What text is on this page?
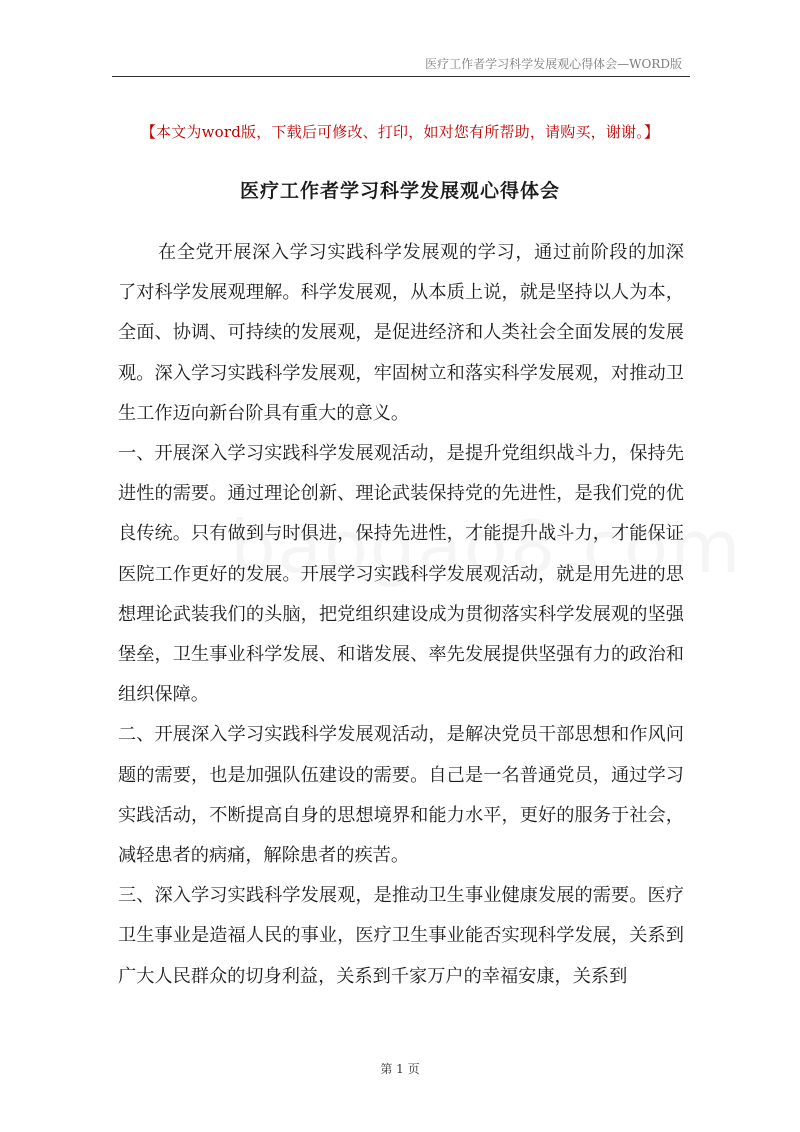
医疗工作者学习科学发展观心得体会—WORD版
【本文为word版，下载后可修改、打印，如对您有所帮助，请购买，谢谢。】
医疗工作者学习科学发展观心得体会

在全党开展深入学习实践科学发展观的学习，通过前阶段的加深了对科学发展观理解。科学发展观，从本质上说，就是坚持以人为本，全面、协调、可持续的发展观，是促进经济和人类社会全面发展的发展观。深入学习实践科学发展观，牢固树立和落实科学发展观，对推动卫生工作迈向新台阶具有重大的意义。

一、开展深入学习实践科学发展观活动，是提升党组织战斗力，保持先进性的需要。通过理论创新、理论武装保持党的先进性，是我们党的优良传统。只有做到与时俱进，保持先进性，才能提升战斗力，才能保证医院工作更好的发展。开展学习实践科学发展观活动，就是用先进的思想理论武装我们的头脑，把党组织建设成为贯彻落实科学发展观的坚强堡垒，卫生事业科学发展、和谐发展、率先发展提供坚强有力的政治和组织保障。

二、开展深入学习实践科学发展观活动，是解决党员干部思想和作风问题的需要，也是加强队伍建设的需要。自己是一名普通党员，通过学习实践活动，不断提高自身的思想境界和能力水平，更好的服务于社会，减轻患者的病痛，解除患者的疾苦。

三、深入学习实践科学发展观，是推动卫生事业健康发展的需要。医疗卫生事业是造福人民的事业，医疗卫生事业能否实现科学发展，关系到广大人民群众的切身利益，关系到千家万户的幸福安康，关系到

第 1 页
